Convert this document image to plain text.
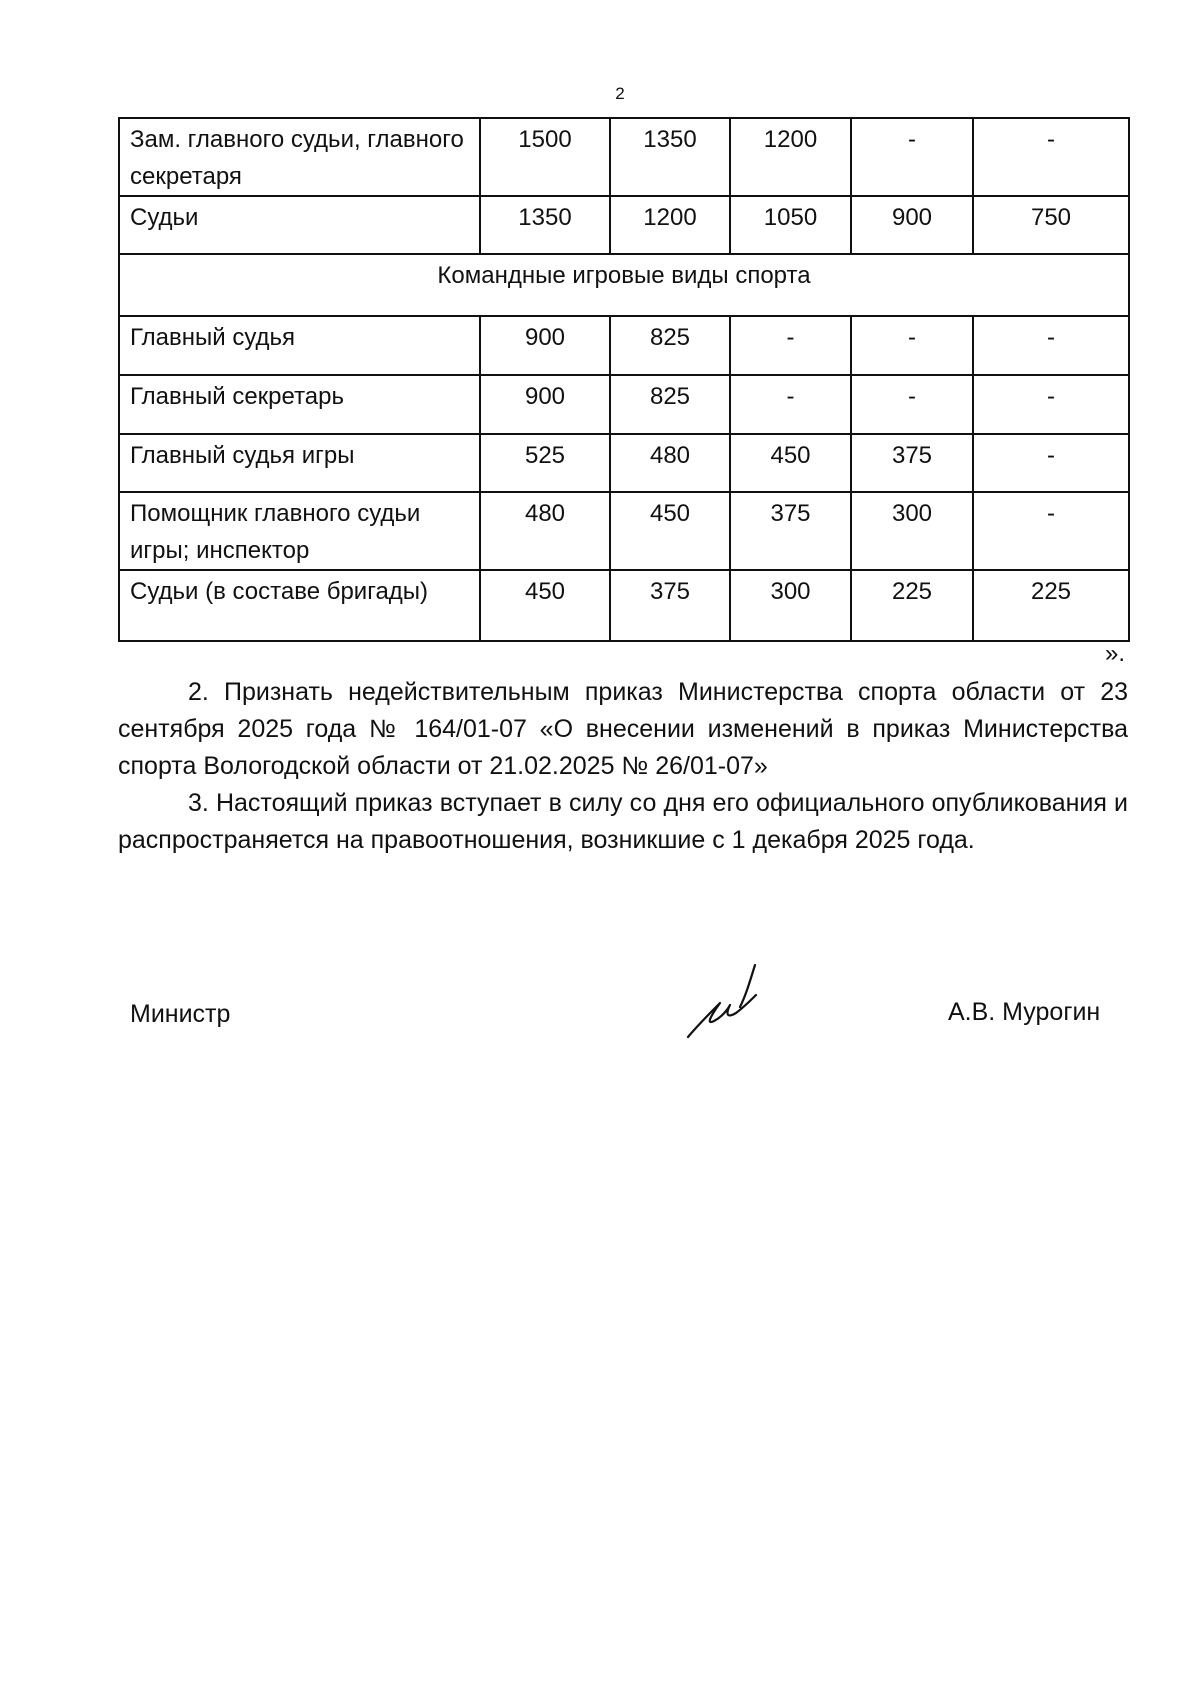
2
Зам. главного судьи, главного секретаря	1500	1350	1200	-	-
Судьи	1350	1200	1050	900	750
Командные игровые виды спорта					
Главный судья	900	825	-	-	-
Главный секретарь	900	825	-	-	-
Главный судья игры	525	480	450	375	-
Помощник главного судьи игры; инспектор	480	450	375	300	-
Судьи (в составе бригады)	450	375	300	225	225
».
2. Признать недействительным приказ Министерства спорта области от 23 сентября 2025 года № 164/01-07 «О внесении изменений в приказ Министерства спорта Вологодской области от 21.02.2025 № 26/01-07»
3. Настоящий приказ вступает в силу со дня его официального опубликования и распространяется на правоотношения, возникшие с 1 декабря 2025 года.
Министр	А.В. Мурогин
